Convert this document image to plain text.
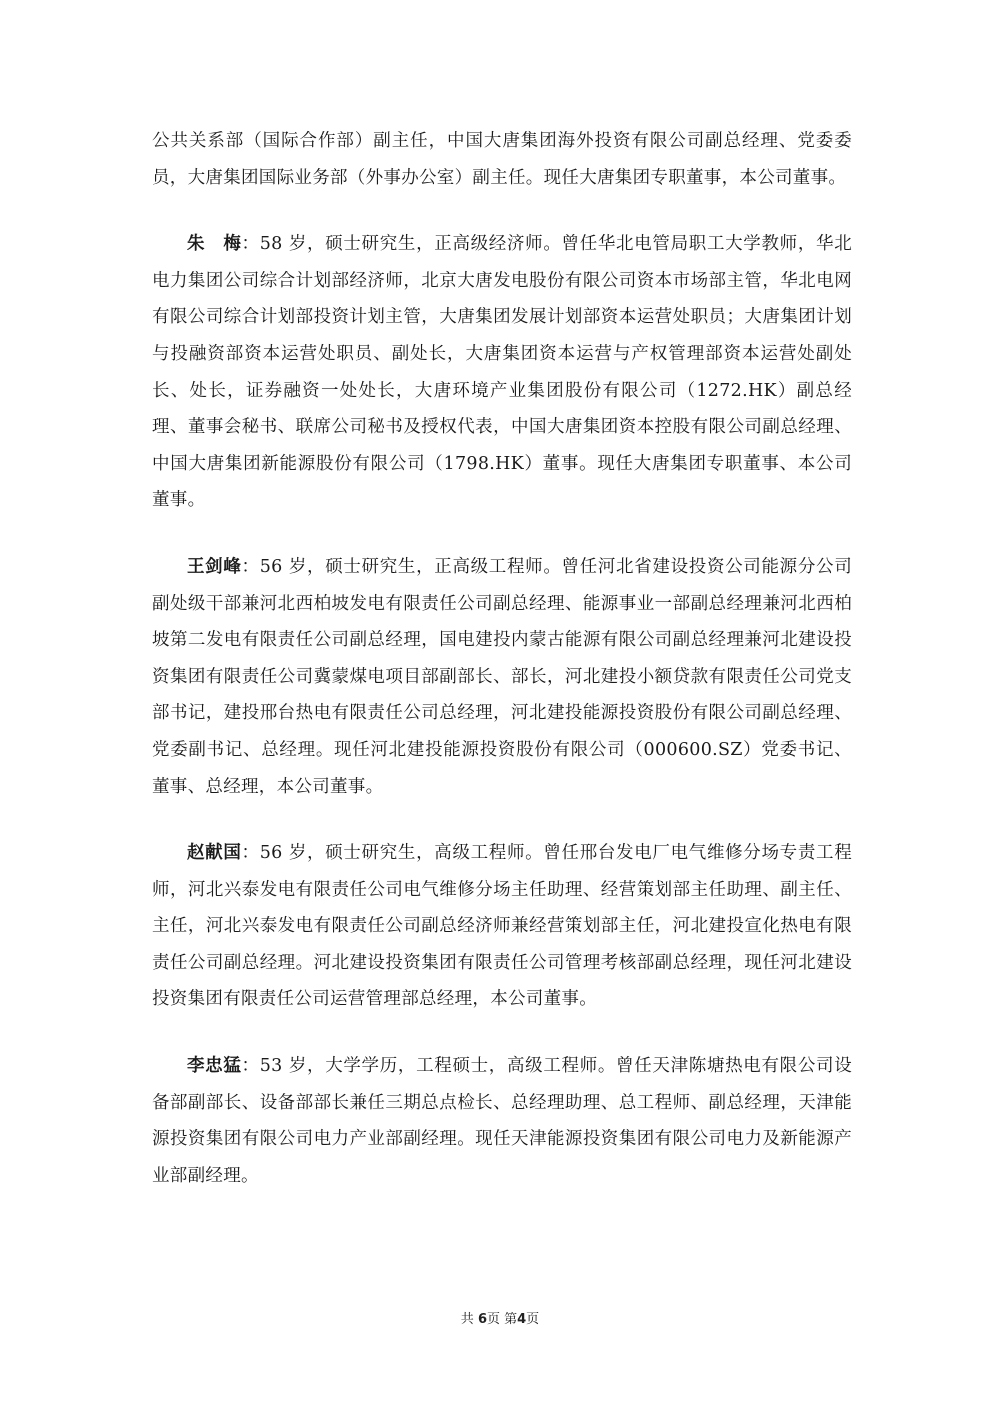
公共关系部（国际合作部）副主任，中国大唐集团海外投资有限公司副总经理、党委委员，大唐集团国际业务部（外事办公室）副主任。现任大唐集团专职董事，本公司董事。

朱　梅：58 岁，硕士研究生，正高级经济师。曾任华北电管局职工大学教师，华北电力集团公司综合计划部经济师，北京大唐发电股份有限公司资本市场部主管，华北电网有限公司综合计划部投资计划主管，大唐集团发展计划部资本运营处职员；大唐集团计划与投融资部资本运营处职员、副处长，大唐集团资本运营与产权管理部资本运营处副处长、处长，证券融资一处处长，大唐环境产业集团股份有限公司（1272.HK）副总经理、董事会秘书、联席公司秘书及授权代表，中国大唐集团资本控股有限公司副总经理、中国大唐集团新能源股份有限公司（1798.HK）董事。现任大唐集团专职董事、本公司董事。

王剑峰：56 岁，硕士研究生，正高级工程师。曾任河北省建设投资公司能源分公司副处级干部兼河北西柏坡发电有限责任公司副总经理、能源事业一部副总经理兼河北西柏坡第二发电有限责任公司副总经理，国电建投内蒙古能源有限公司副总经理兼河北建设投资集团有限责任公司冀蒙煤电项目部副部长、部长，河北建投小额贷款有限责任公司党支部书记，建投邢台热电有限责任公司总经理，河北建投能源投资股份有限公司副总经理、党委副书记、总经理。现任河北建投能源投资股份有限公司（000600.SZ）党委书记、董事、总经理，本公司董事。

赵献国：56 岁，硕士研究生，高级工程师。曾任邢台发电厂电气维修分场专责工程师，河北兴泰发电有限责任公司电气维修分场主任助理、经营策划部主任助理、副主任、主任，河北兴泰发电有限责任公司副总经济师兼经营策划部主任，河北建投宣化热电有限责任公司副总经理。河北建设投资集团有限责任公司管理考核部副总经理，现任河北建设投资集团有限责任公司运营管理部总经理，本公司董事。

李忠猛：53 岁，大学学历，工程硕士，高级工程师。曾任天津陈塘热电有限公司设备部副部长、设备部部长兼任三期总点检长、总经理助理、总工程师、副总经理，天津能源投资集团有限公司电力产业部副经理。现任天津能源投资集团有限公司电力及新能源产业部副经理。

共 6页 第4页
